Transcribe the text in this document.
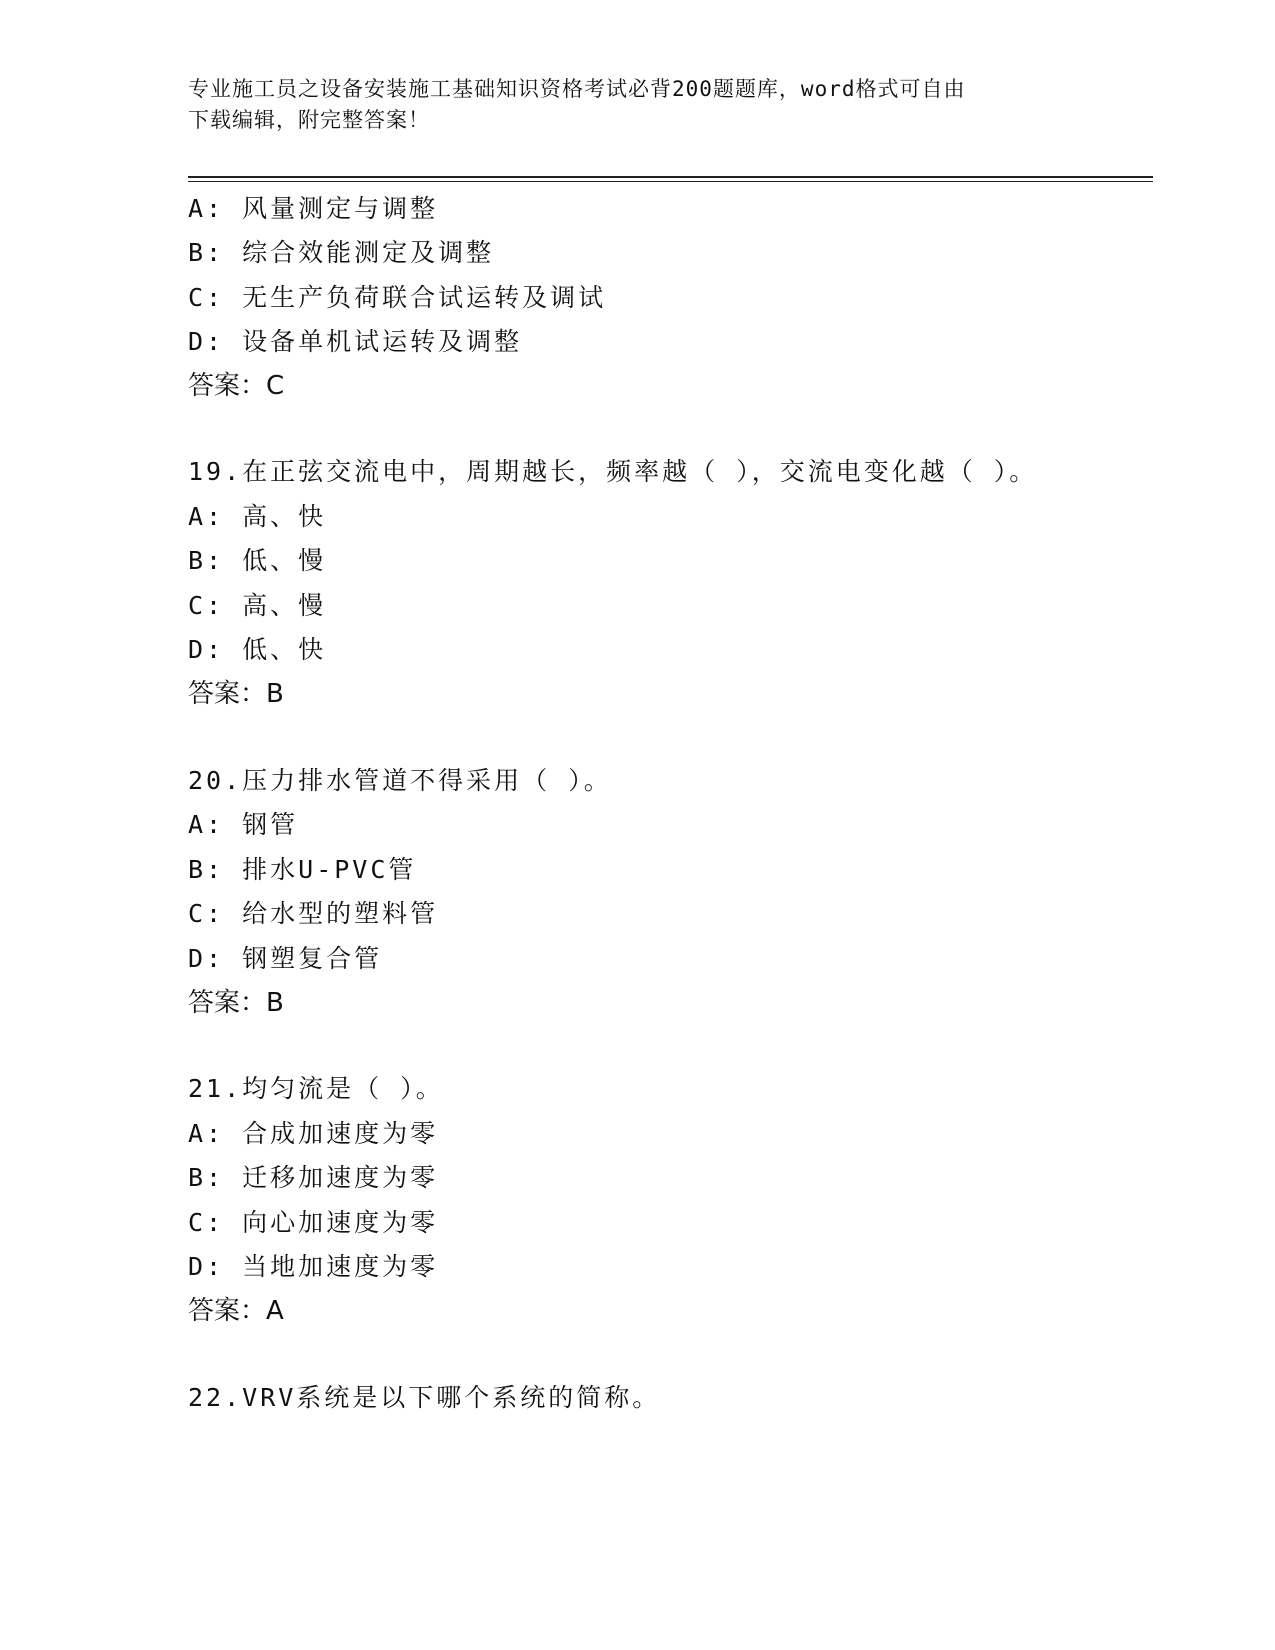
专业施工员之设备安装施工基础知识资格考试必背200题题库，word格式可自由
下载编辑，附完整答案！
A: 风量测定与调整
B: 综合效能测定及调整
C: 无生产负荷联合试运转及调试
D: 设备单机试运转及调整
答案：C
19.在正弦交流电中，周期越长，频率越（ ），交流电变化越（ ）。
A: 高、快
B: 低、慢
C: 高、慢
D: 低、快
答案：B
20.压力排水管道不得采用（ ）。
A: 钢管
B: 排水U-PVC管
C: 给水型的塑料管
D: 钢塑复合管
答案：B
21.均匀流是（ ）。
A: 合成加速度为零
B: 迁移加速度为零
C: 向心加速度为零
D: 当地加速度为零
答案：A
22.VRV系统是以下哪个系统的简称。
